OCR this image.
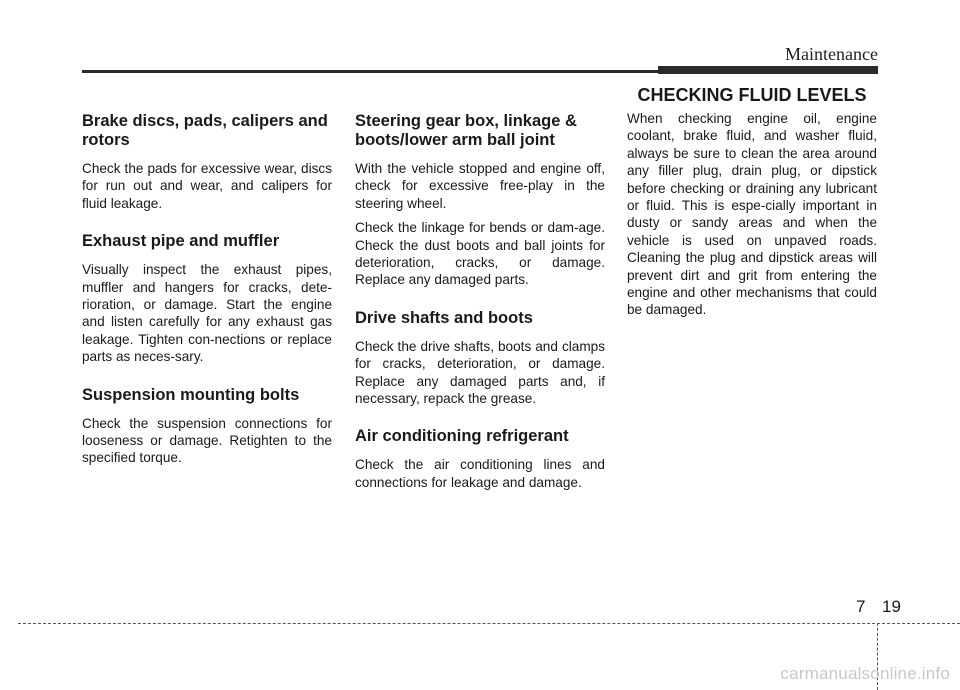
Maintenance
CHECKING FLUID LEVELS
Brake discs, pads, calipers and rotors

Check the pads for excessive wear, discs for run out and wear, and calipers for fluid leakage.

Exhaust pipe and muffler

Visually inspect the exhaust pipes, muffler and hangers for cracks, dete-rioration, or damage. Start the engine and listen carefully for any exhaust gas leakage. Tighten con-nections or replace parts as neces-sary.

Suspension mounting bolts

Check the suspension connections for looseness or damage. Retighten to the specified torque.

Steering gear box, linkage & boots/lower arm ball joint

With the vehicle stopped and engine off, check for excessive free-play in the steering wheel.

Check the linkage for bends or dam-age. Check the dust boots and ball joints for deterioration, cracks, or damage. Replace any damaged parts.

Drive shafts and boots

Check the drive shafts, boots and clamps for cracks, deterioration, or damage. Replace any damaged parts and, if necessary, repack the grease.

Air conditioning refrigerant

Check the air conditioning lines and connections for leakage and damage.

When checking engine oil, engine coolant, brake fluid, and washer fluid, always be sure to clean the area around any filler plug, drain plug, or dipstick before checking or draining any lubricant or fluid. This is espe-cially important in dusty or sandy areas and when the vehicle is used on unpaved roads. Cleaning the plug and dipstick areas will prevent dirt and grit from entering the engine and other mechanisms that could be damaged.

7 19
carmanualsonline.info
